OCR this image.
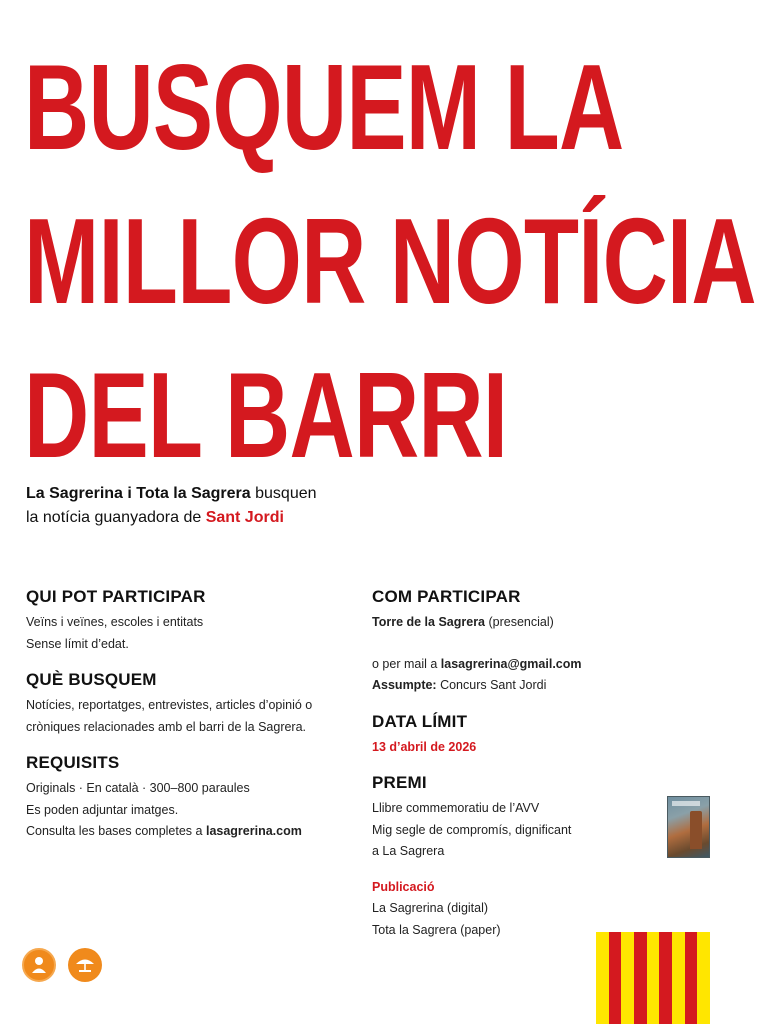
BUSQUEM LA
MILLOR NOTÍCIA
DEL BARRI
La Sagrerina i Tota la Sagrera busquen
la notícia guanyadora de Sant Jordi
QUI POT PARTICIPAR
Veïns i veïnes, escoles i entitats
Sense límit d’edat.
QUÈ BUSQUEM
Notícies, reportatges, entrevistes, articles d’opinió o
cròniques relacionades amb el barri de la Sagrera.
REQUISITS
Originals · En català · 300–800 paraules
Es poden adjuntar imatges.
Consulta les bases completes a lasagrerina.com
COM PARTICIPAR
Torre de la Sagrera (presencial)
o per mail a lasagrerina@gmail.com
Assumpte: Concurs Sant Jordi
DATA LÍMIT
13 d’abril de 2026
PREMI
Llibre commemoratiu de l’AVV
Mig segle de compromís, dignificant
a La Sagrera
Publicació
La Sagrerina (digital)
Tota la Sagrera (paper)
